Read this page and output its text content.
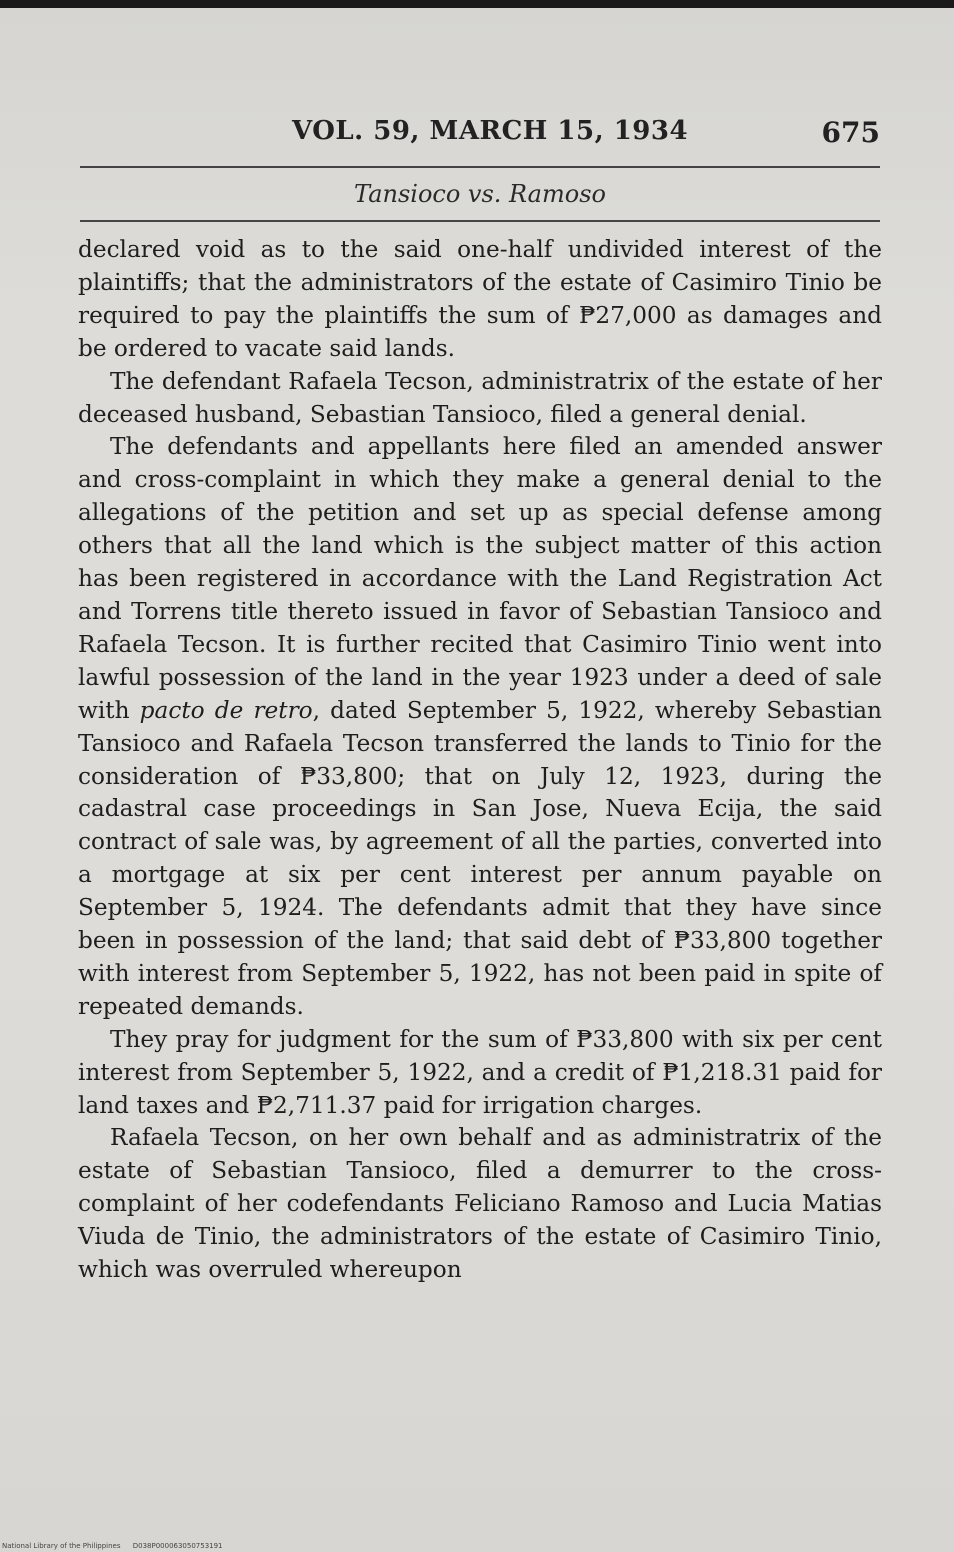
VOL. 59, MARCH 15, 1934	675
Tansioco vs. Ramoso

declared void as to the said one-half undivided interest of the plaintiffs; that the administrators of the estate of Casimiro Tinio be required to pay the plaintiffs the sum of ₱27,000 as damages and be ordered to vacate said lands.

The defendant Rafaela Tecson, administratrix of the estate of her deceased husband, Sebastian Tansioco, filed a general denial.

The defendants and appellants here filed an amended answer and cross-complaint in which they make a general denial to the allegations of the petition and set up as special defense among others that all the land which is the subject matter of this action has been registered in accordance with the Land Registration Act and Torrens title thereto issued in favor of Sebastian Tansioco and Rafaela Tecson. It is further recited that Casimiro Tinio went into lawful possession of the land in the year 1923 under a deed of sale with pacto de retro, dated September 5, 1922, whereby Sebastian Tansioco and Rafaela Tecson transferred the lands to Tinio for the consideration of ₱33,800; that on July 12, 1923, during the cadastral case proceedings in San Jose, Nueva Ecija, the said contract of sale was, by agreement of all the parties, converted into a mortgage at six per cent interest per annum payable on September 5, 1924. The defendants admit that they have since been in possession of the land; that said debt of ₱33,800 together with interest from September 5, 1922, has not been paid in spite of repeated demands.

They pray for judgment for the sum of ₱33,800 with six per cent interest from September 5, 1922, and a credit of ₱1,218.31 paid for land taxes and ₱2,711.37 paid for irrigation charges.

Rafaela Tecson, on her own behalf and as administratrix of the estate of Sebastian Tansioco, filed a demurrer to the cross-complaint of her codefendants Feliciano Ramoso and Lucia Matias Viuda de Tinio, the administrators of the estate of Casimiro Tinio, which was overruled whereupon

National Library of the Philippines D038P000063050753191
